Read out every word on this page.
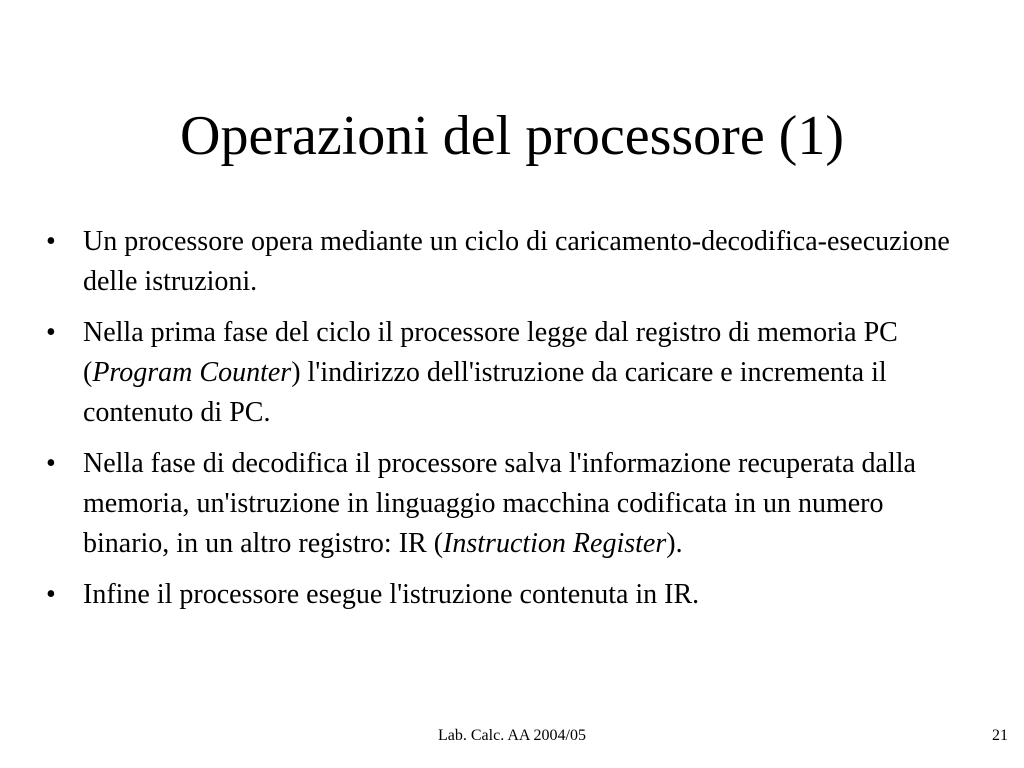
Operazioni del processore (1)
• Un processore opera mediante un ciclo di caricamento-decodifica-esecuzione delle istruzioni.
• Nella prima fase del ciclo il processore legge dal registro di memoria PC (Program Counter) l'indirizzo dell'istruzione da caricare e incrementa il contenuto di PC.
• Nella fase di decodifica il processore salva l'informazione recuperata dalla memoria, un'istruzione in linguaggio macchina codificata in un numero binario, in un altro registro: IR (Instruction Register).
• Infine il processore esegue l'istruzione contenuta in IR.
Lab. Calc. AA 2004/05	21
